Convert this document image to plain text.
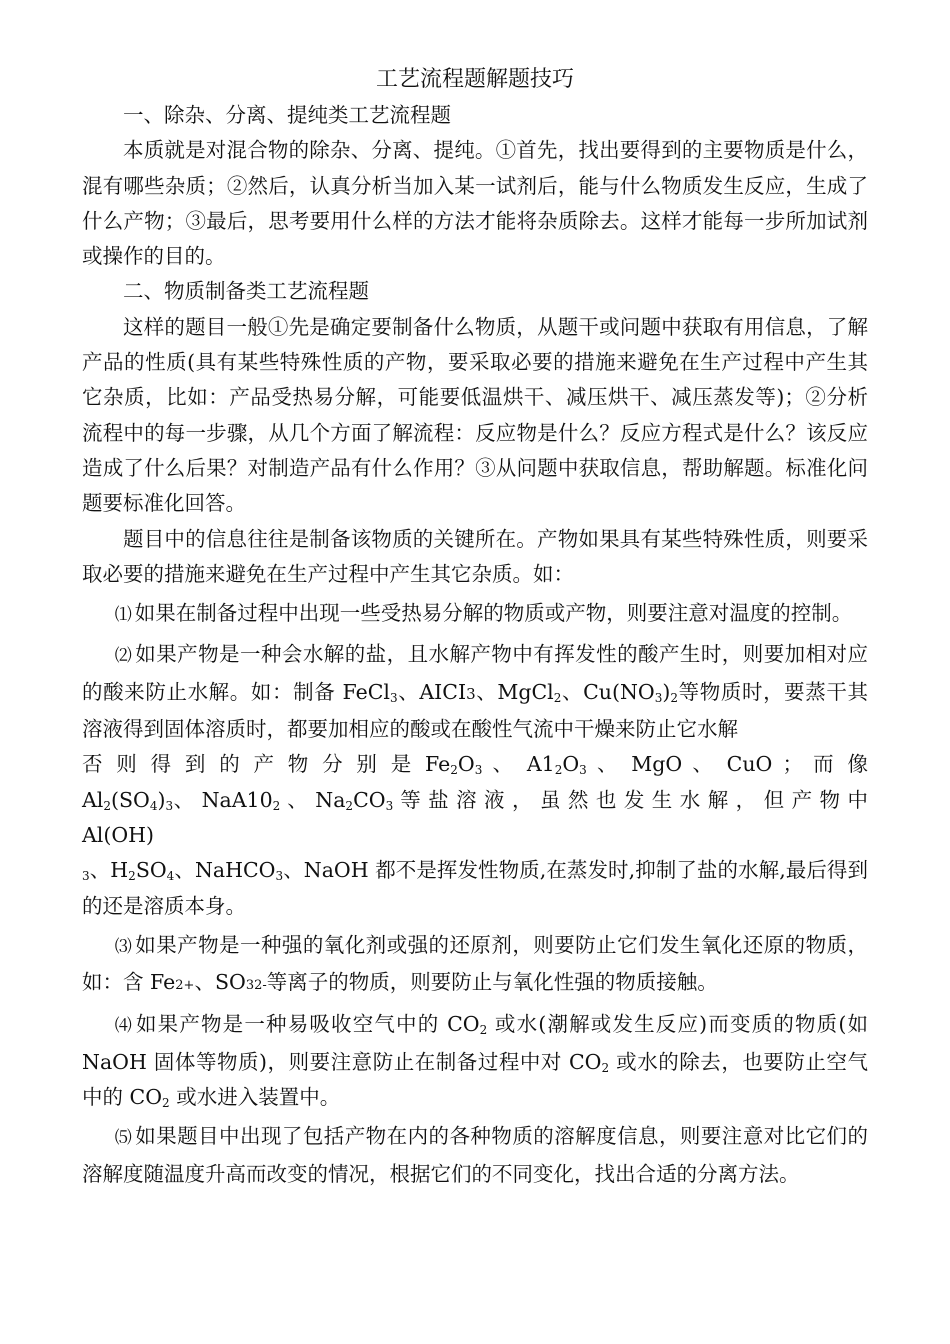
工艺流程题解题技巧

一、除杂、分离、提纯类工艺流程题

本质就是对混合物的除杂、分离、提纯。①首先，找出要得到的主要物质是什么，混有哪些杂质；②然后，认真分析当加入某一试剂后，能与什么物质发生反应，生成了什么产物；③最后，思考要用什么样的方法才能将杂质除去。这样才能每一步所加试剂或操作的目的。

二、物质制备类工艺流程题

这样的题目一般①先是确定要制备什么物质，从题干或问题中获取有用信息，了解产品的性质(具有某些特殊性质的产物，要采取必要的措施来避免在生产过程中产生其它杂质，比如：产品受热易分解，可能要低温烘干、减压烘干、减压蒸发等)；②分析流程中的每一步骤，从几个方面了解流程：反应物是什么？反应方程式是什么？该反应造成了什么后果？对制造产品有什么作用？③从问题中获取信息，帮助解题。标准化问题要标准化回答。

题目中的信息往往是制备该物质的关键所在。产物如果具有某些特殊性质，则要采取必要的措施来避免在生产过程中产生其它杂质。如：

⑴ 如果在制备过程中出现一些受热易分解的物质或产物，则要注意对温度的控制。

⑵ 如果产物是一种会水解的盐，且水解产物中有挥发性的酸产生时，则要加相对应的酸来防止水解。如：制备 FeCl$_3$、AICI3、MgCl$_2$、$Cu(NO_3)_2$等物质时，要蒸干其溶液得到固体溶质时，都要加相应的酸或在酸性气流中干燥来防止它水解
否 则 得 到 的 产 物 分 别 是 $Fe_2O_3$ 、 $A1_2O_3$ 、 MgO 、 CuO ； 而 像
$Al_2(SO_4)_3$、 $NaA10_2$ 、 $Na_2CO_3$ 等 盐 溶 液 ， 虽 然 也 发 生 水 解 ， 但 产 物 中 Al(OH)
$_3$、$H_2SO_4$、NaHCO$_3$、NaOH 都不是挥发性物质,在蒸发时,抑制了盐的水解,最后得到的还是溶质本身。

⑶ 如果产物是一种强的氧化剂或强的还原剂，则要防止它们发生氧化还原的物质，如：含 Fe2+、SO32-等离子的物质，则要防止与氧化性强的物质接触。

⑷ 如果产物是一种易吸收空气中的 $CO_2$ 或水(潮解或发生反应)而变质的物质(如 NaOH 固体等物质)，则要注意防止在制备过程中对 $CO_2$ 或水的除去，也要防止空气中的 $CO_2$ 或水进入装置中。

⑸ 如果题目中出现了包括产物在内的各种物质的溶解度信息，则要注意对比它们的溶解度随温度升高而改变的情况，根据它们的不同变化，找出合适的分离方法。
